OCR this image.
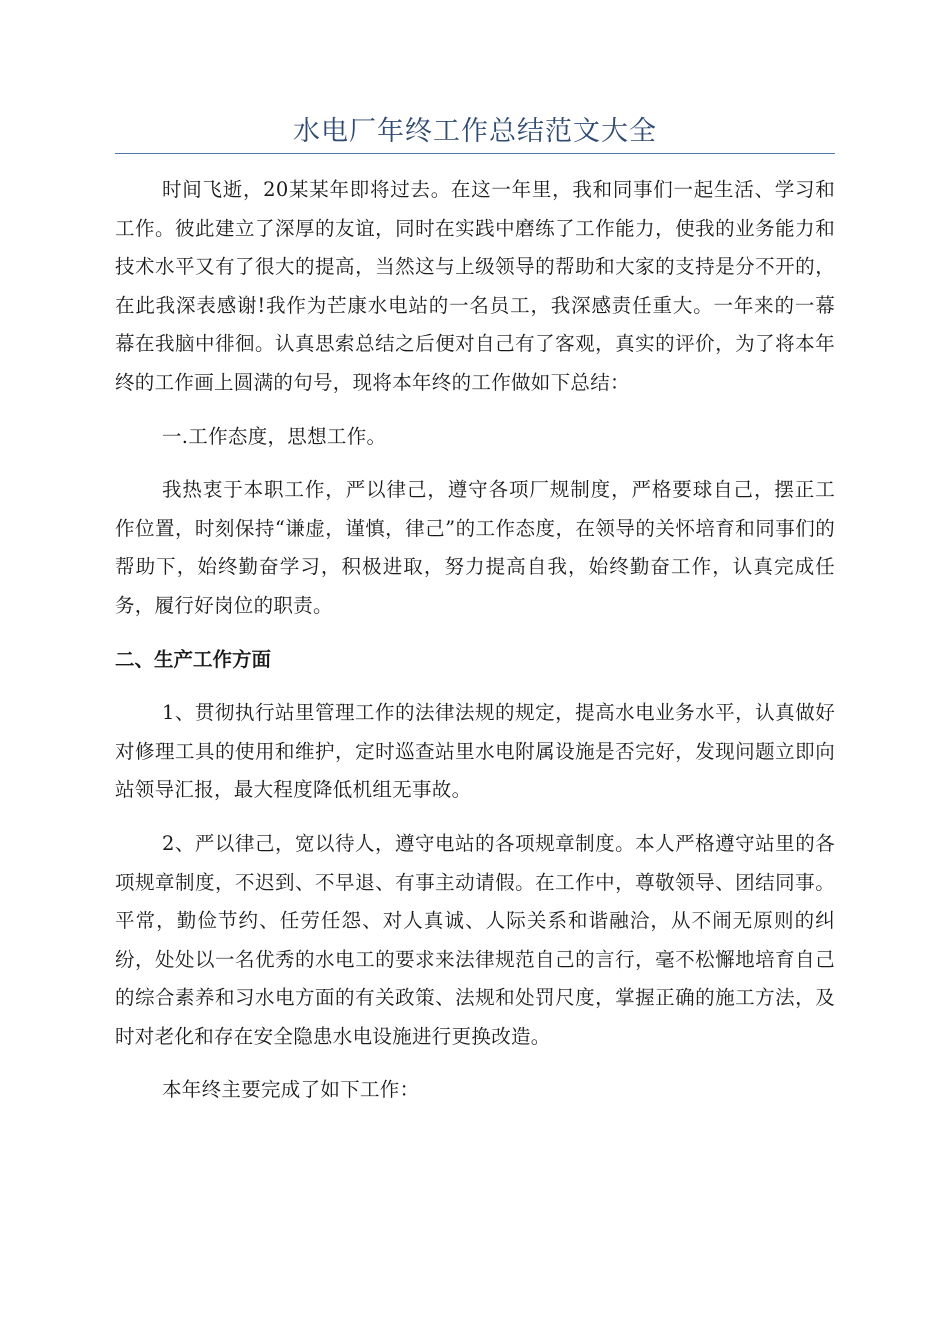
水电厂年终工作总结范文大全

时间飞逝，20某某年即将过去。在这一年里，我和同事们一起生活、学习和工作。彼此建立了深厚的友谊，同时在实践中磨练了工作能力，使我的业务能力和技术水平又有了很大的提高，当然这与上级领导的帮助和大家的支持是分不开的，在此我深表感谢!我作为芒康水电站的一名员工，我深感责任重大。一年来的一幕幕在我脑中徘徊。认真思索总结之后便对自己有了客观，真实的评价，为了将本年终的工作画上圆满的句号，现将本年终的工作做如下总结：

一.工作态度，思想工作。

我热衷于本职工作，严以律己，遵守各项厂规制度，严格要球自己，摆正工作位置，时刻保持“谦虚，谨慎，律己”的工作态度，在领导的关怀培育和同事们的帮助下，始终勤奋学习，积极进取，努力提高自我，始终勤奋工作，认真完成任务，履行好岗位的职责。

二、生产工作方面

1、贯彻执行站里管理工作的法律法规的规定，提高水电业务水平，认真做好对修理工具的使用和维护，定时巡查站里水电附属设施是否完好，发现问题立即向站领导汇报，最大程度降低机组无事故。

2、严以律己，宽以待人，遵守电站的各项规章制度。本人严格遵守站里的各项规章制度，不迟到、不早退、有事主动请假。在工作中，尊敬领导、团结同事。平常，勤俭节约、任劳任怨、对人真诚、人际关系和谐融洽，从不闹无原则的纠纷，处处以一名优秀的水电工的要求来法律规范自己的言行，毫不松懈地培育自己的综合素养和习水电方面的有关政策、法规和处罚尺度，掌握正确的施工方法，及时对老化和存在安全隐患水电设施进行更换改造。

本年终主要完成了如下工作：
